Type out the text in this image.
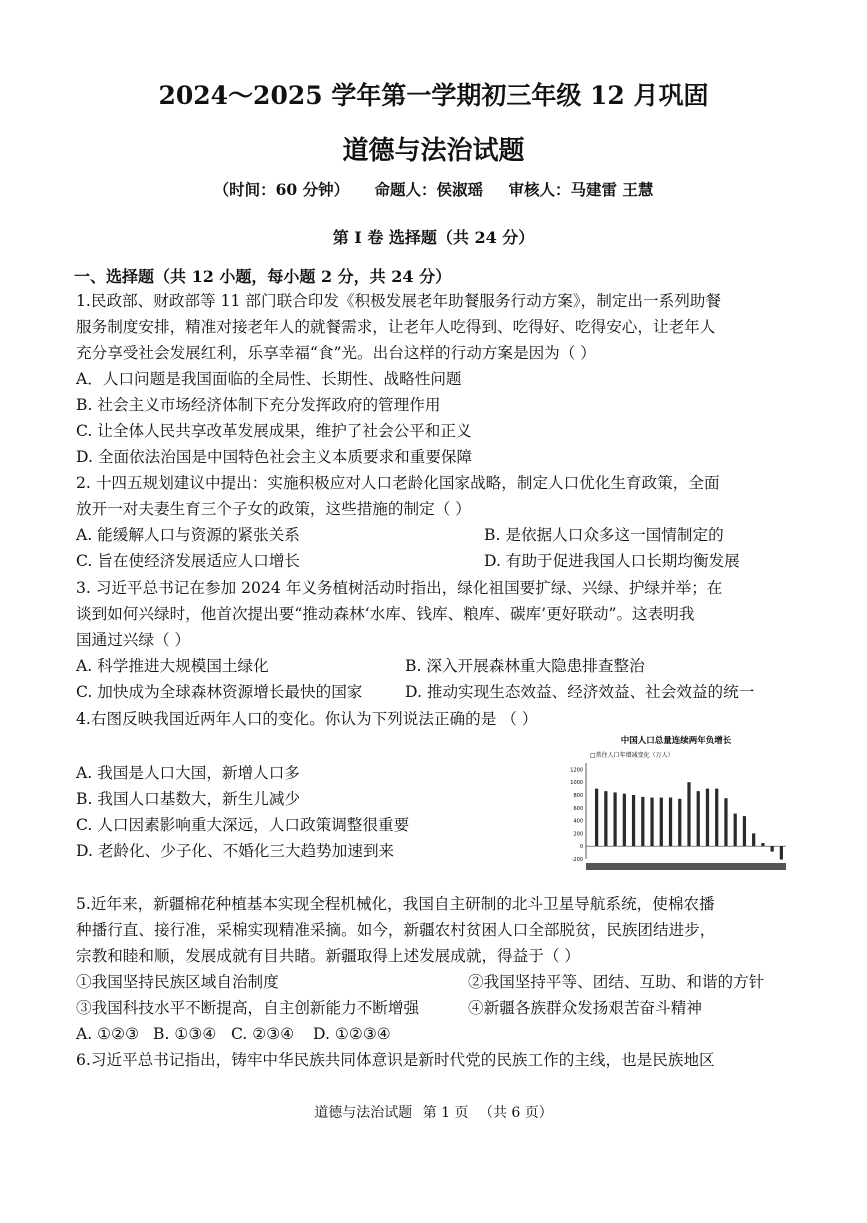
2024～2025 学年第一学期初三年级 12 月巩固
道德与法治试题
（时间：60 分钟） 命题人：侯淑瑶 审核人：马建雷 王慧
第 I 卷 选择题（共 24 分）
一、选择题（共 12 小题，每小题 2 分，共 24 分）
1.民政部、财政部等 11 部门联合印发《积极发展老年助餐服务行动方案》，制定出一系列助餐
服务制度安排，精准对接老年人的就餐需求，让老年人吃得到、吃得好、吃得安心，让老年人
充分享受社会发展红利，乐享幸福“食”光。出台这样的行动方案是因为（ ）
A．人口问题是我国面临的全局性、长期性、战略性问题
B. 社会主义市场经济体制下充分发挥政府的管理作用
C. 让全体人民共享改革发展成果，维护了社会公平和正义
D. 全面依法治国是中国特色社会主义本质要求和重要保障
2. 十四五规划建议中提出：实施积极应对人口老龄化国家战略，制定人口优化生育政策，全面
放开一对夫妻生育三个子女的政策，这些措施的制定（ ）
A. 能缓解人口与资源的紧张关系	B. 是依据人口众多这一国情制定的
C. 旨在使经济发展适应人口增长	D. 有助于促进我国人口长期均衡发展
3. 习近平总书记在参加 2024 年义务植树活动时指出，绿化祖国要扩绿、兴绿、护绿并举；在
谈到如何兴绿时，他首次提出要“推动森林‘水库、钱库、粮库、碳库’更好联动”。这表明我
国通过兴绿（ ）
A. 科学推进大规模国土绿化	B. 深入开展森林重大隐患排查整治
C. 加快成为全球森林资源增长最快的国家	D. 推动实现生态效益、经济效益、社会效益的统一
4.右图反映我国近两年人口的变化。你认为下列说法正确的是 （ ）
A. 我国是人口大国，新增人口多
B. 我国人口基数大，新生儿减少
C. 人口因素影响重大深远，人口政策调整很重要
D. 老龄化、少子化、不婚化三大趋势加速到来
中国人口总量连续两年负增长
□常住人口年增减变化（万人）
1200
1000
800
600
400
200
0
-200
5.近年来，新疆棉花种植基本实现全程机械化，我国自主研制的北斗卫星导航系统，使棉农播
种播行直、接行准，采棉实现精准采摘。如今，新疆农村贫困人口全部脱贫，民族团结进步，
宗教和睦和顺，发展成就有目共睹。新疆取得上述发展成就，得益于（ ）
①我国坚持民族区域自治制度	②我国坚持平等、团结、互助、和谐的方针
③我国科技水平不断提高，自主创新能力不断增强	④新疆各族群众发扬艰苦奋斗精神
A. ①②③ B. ①③④ C. ②③④ D. ①②③④
6.习近平总书记指出，铸牢中华民族共同体意识是新时代党的民族工作的主线，也是民族地区
道德与法治试题 第 1 页 （共 6 页）
